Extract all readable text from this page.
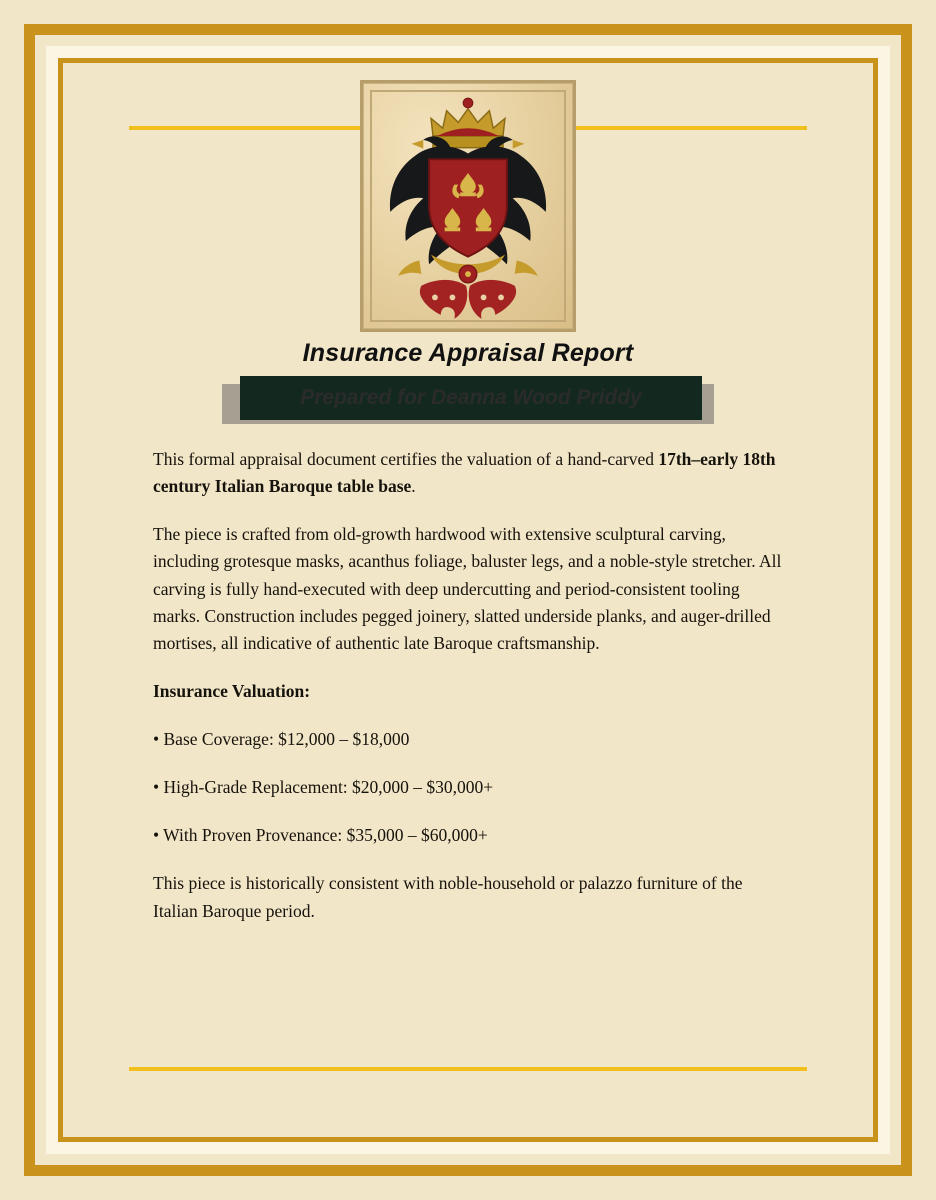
Insurance Appraisal Report
Prepared for Deanna Wood Priddy

This formal appraisal document certifies the valuation of a hand-carved 17th–early 18th century Italian Baroque table base.

The piece is crafted from old-growth hardwood with extensive sculptural carving, including grotesque masks, acanthus foliage, baluster legs, and a noble-style stretcher. All carving is fully hand-executed with deep undercutting and period-consistent tooling marks. Construction includes pegged joinery, slatted underside planks, and auger-drilled mortises, all indicative of authentic late Baroque craftsmanship.

Insurance Valuation:

• Base Coverage: $12,000 – $18,000

• High-Grade Replacement: $20,000 – $30,000+

• With Proven Provenance: $35,000 – $60,000+

This piece is historically consistent with noble-household or palazzo furniture of the Italian Baroque period.
